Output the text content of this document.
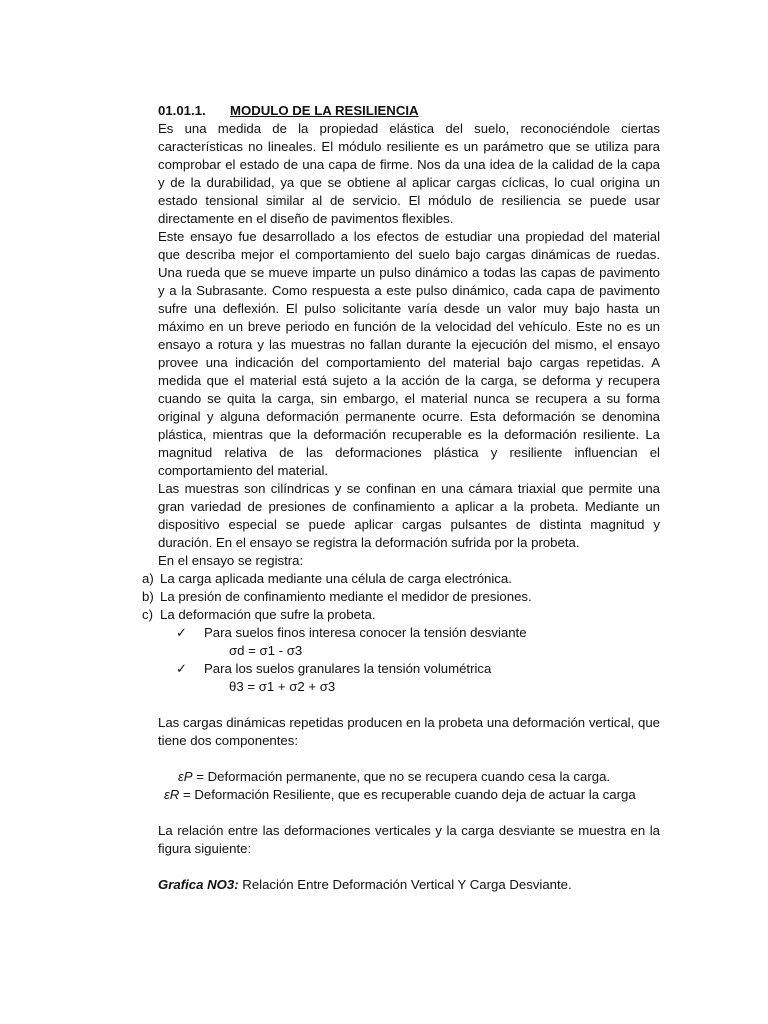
01.01.1.	MODULO DE LA RESILIENCIA

Es una medida de la propiedad elástica del suelo, reconociéndole ciertas características no lineales. El módulo resiliente es un parámetro que se utiliza para comprobar el estado de una capa de firme. Nos da una idea de la calidad de la capa y de la durabilidad, ya que se obtiene al aplicar cargas cíclicas, lo cual origina un estado tensional similar al de servicio. El módulo de resiliencia se puede usar directamente en el diseño de pavimentos flexibles.

Este ensayo fue desarrollado a los efectos de estudiar una propiedad del material que describa mejor el comportamiento del suelo bajo cargas dinámicas de ruedas. Una rueda que se mueve imparte un pulso dinámico a todas las capas de pavimento y a la Subrasante. Como respuesta a este pulso dinámico, cada capa de pavimento sufre una deflexión. El pulso solicitante varía desde un valor muy bajo hasta un máximo en un breve periodo en función de la velocidad del vehículo. Este no es un ensayo a rotura y las muestras no fallan durante la ejecución del mismo, el ensayo provee una indicación del comportamiento del material bajo cargas repetidas. A medida que el material está sujeto a la acción de la carga, se deforma y recupera cuando se quita la carga, sin embargo, el material nunca se recupera a su forma original y alguna deformación permanente ocurre. Esta deformación se denomina plástica, mientras que la deformación recuperable es la deformación resiliente. La magnitud relativa de las deformaciones plástica y resiliente influencian el comportamiento del material.

Las muestras son cilíndricas y se confinan en una cámara triaxial que permite una gran variedad de presiones de confinamiento a aplicar a la probeta. Mediante un dispositivo especial se puede aplicar cargas pulsantes de distinta magnitud y duración. En el ensayo se registra la deformación sufrida por la probeta.

En el ensayo se registra:

a) La carga aplicada mediante una célula de carga electrónica.
b) La presión de confinamiento mediante el medidor de presiones.
c) La deformación que sufre la probeta.
✓	Para suelos finos interesa conocer la tensión desviante
σd = σ1 - σ3
✓	Para los suelos granulares la tensión volumétrica
θ3 = σ1 + σ2 + σ3

Las cargas dinámicas repetidas producen en la probeta una deformación vertical, que tiene dos componentes:

εP = Deformación permanente, que no se recupera cuando cesa la carga.

εR = Deformación Resiliente, que es recuperable cuando deja de actuar la carga

La relación entre las deformaciones verticales y la carga desviante se muestra en la figura siguiente:

Grafica NO3: Relación Entre Deformación Vertical Y Carga Desviante.
